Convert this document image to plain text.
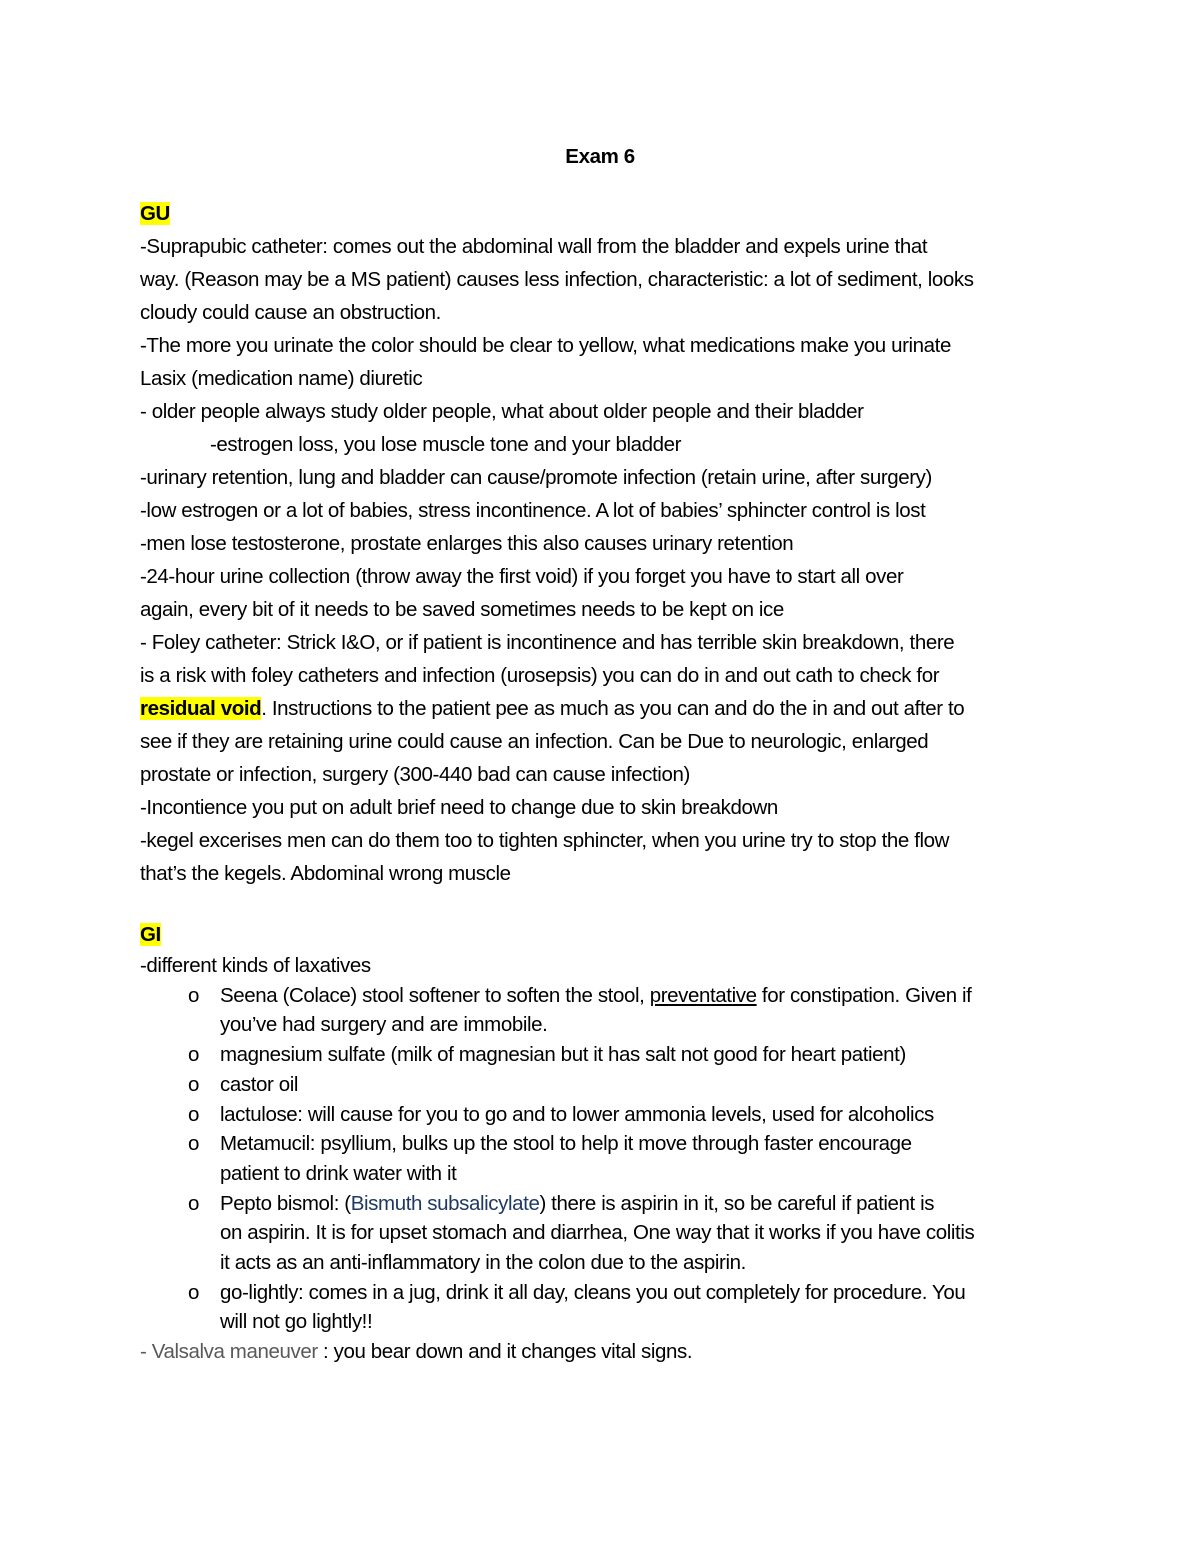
Exam 6
GU
-Suprapubic catheter: comes out the abdominal wall from the bladder and expels urine that
way. (Reason may be a MS patient) causes less infection, characteristic: a lot of sediment, looks
cloudy could cause an obstruction.
-The more you urinate the color should be clear to yellow, what medications make you urinate
Lasix (medication name) diuretic
- older people always study older people, what about older people and their bladder
-estrogen loss, you lose muscle tone and your bladder
-urinary retention, lung and bladder can cause/promote infection (retain urine, after surgery)
-low estrogen or a lot of babies, stress incontinence. A lot of babies’ sphincter control is lost
-men lose testosterone, prostate enlarges this also causes urinary retention
-24-hour urine collection (throw away the first void) if you forget you have to start all over
again, every bit of it needs to be saved sometimes needs to be kept on ice
- Foley catheter: Strick I&O, or if patient is incontinence and has terrible skin breakdown, there
is a risk with foley catheters and infection (urosepsis) you can do in and out cath to check for
residual void. Instructions to the patient pee as much as you can and do the in and out after to
see if they are retaining urine could cause an infection. Can be Due to neurologic, enlarged
prostate or infection, surgery (300-440 bad can cause infection)
-Incontience you put on adult brief need to change due to skin breakdown
-kegel excerises men can do them too to tighten sphincter, when you urine try to stop the flow
that’s the kegels. Abdominal wrong muscle
GI
-different kinds of laxatives
o Seena (Colace) stool softener to soften the stool, preventative for constipation. Given if
you’ve had surgery and are immobile.
o magnesium sulfate (milk of magnesian but it has salt not good for heart patient)
o castor oil
o lactulose: will cause for you to go and to lower ammonia levels, used for alcoholics
o Metamucil: psyllium, bulks up the stool to help it move through faster encourage
patient to drink water with it
o Pepto bismol: (Bismuth subsalicylate) there is aspirin in it, so be careful if patient is
on aspirin. It is for upset stomach and diarrhea, One way that it works if you have colitis
it acts as an anti-inflammatory in the colon due to the aspirin.
o go-lightly: comes in a jug, drink it all day, cleans you out completely for procedure. You
will not go lightly!!
- Valsalva maneuver : you bear down and it changes vital signs.
